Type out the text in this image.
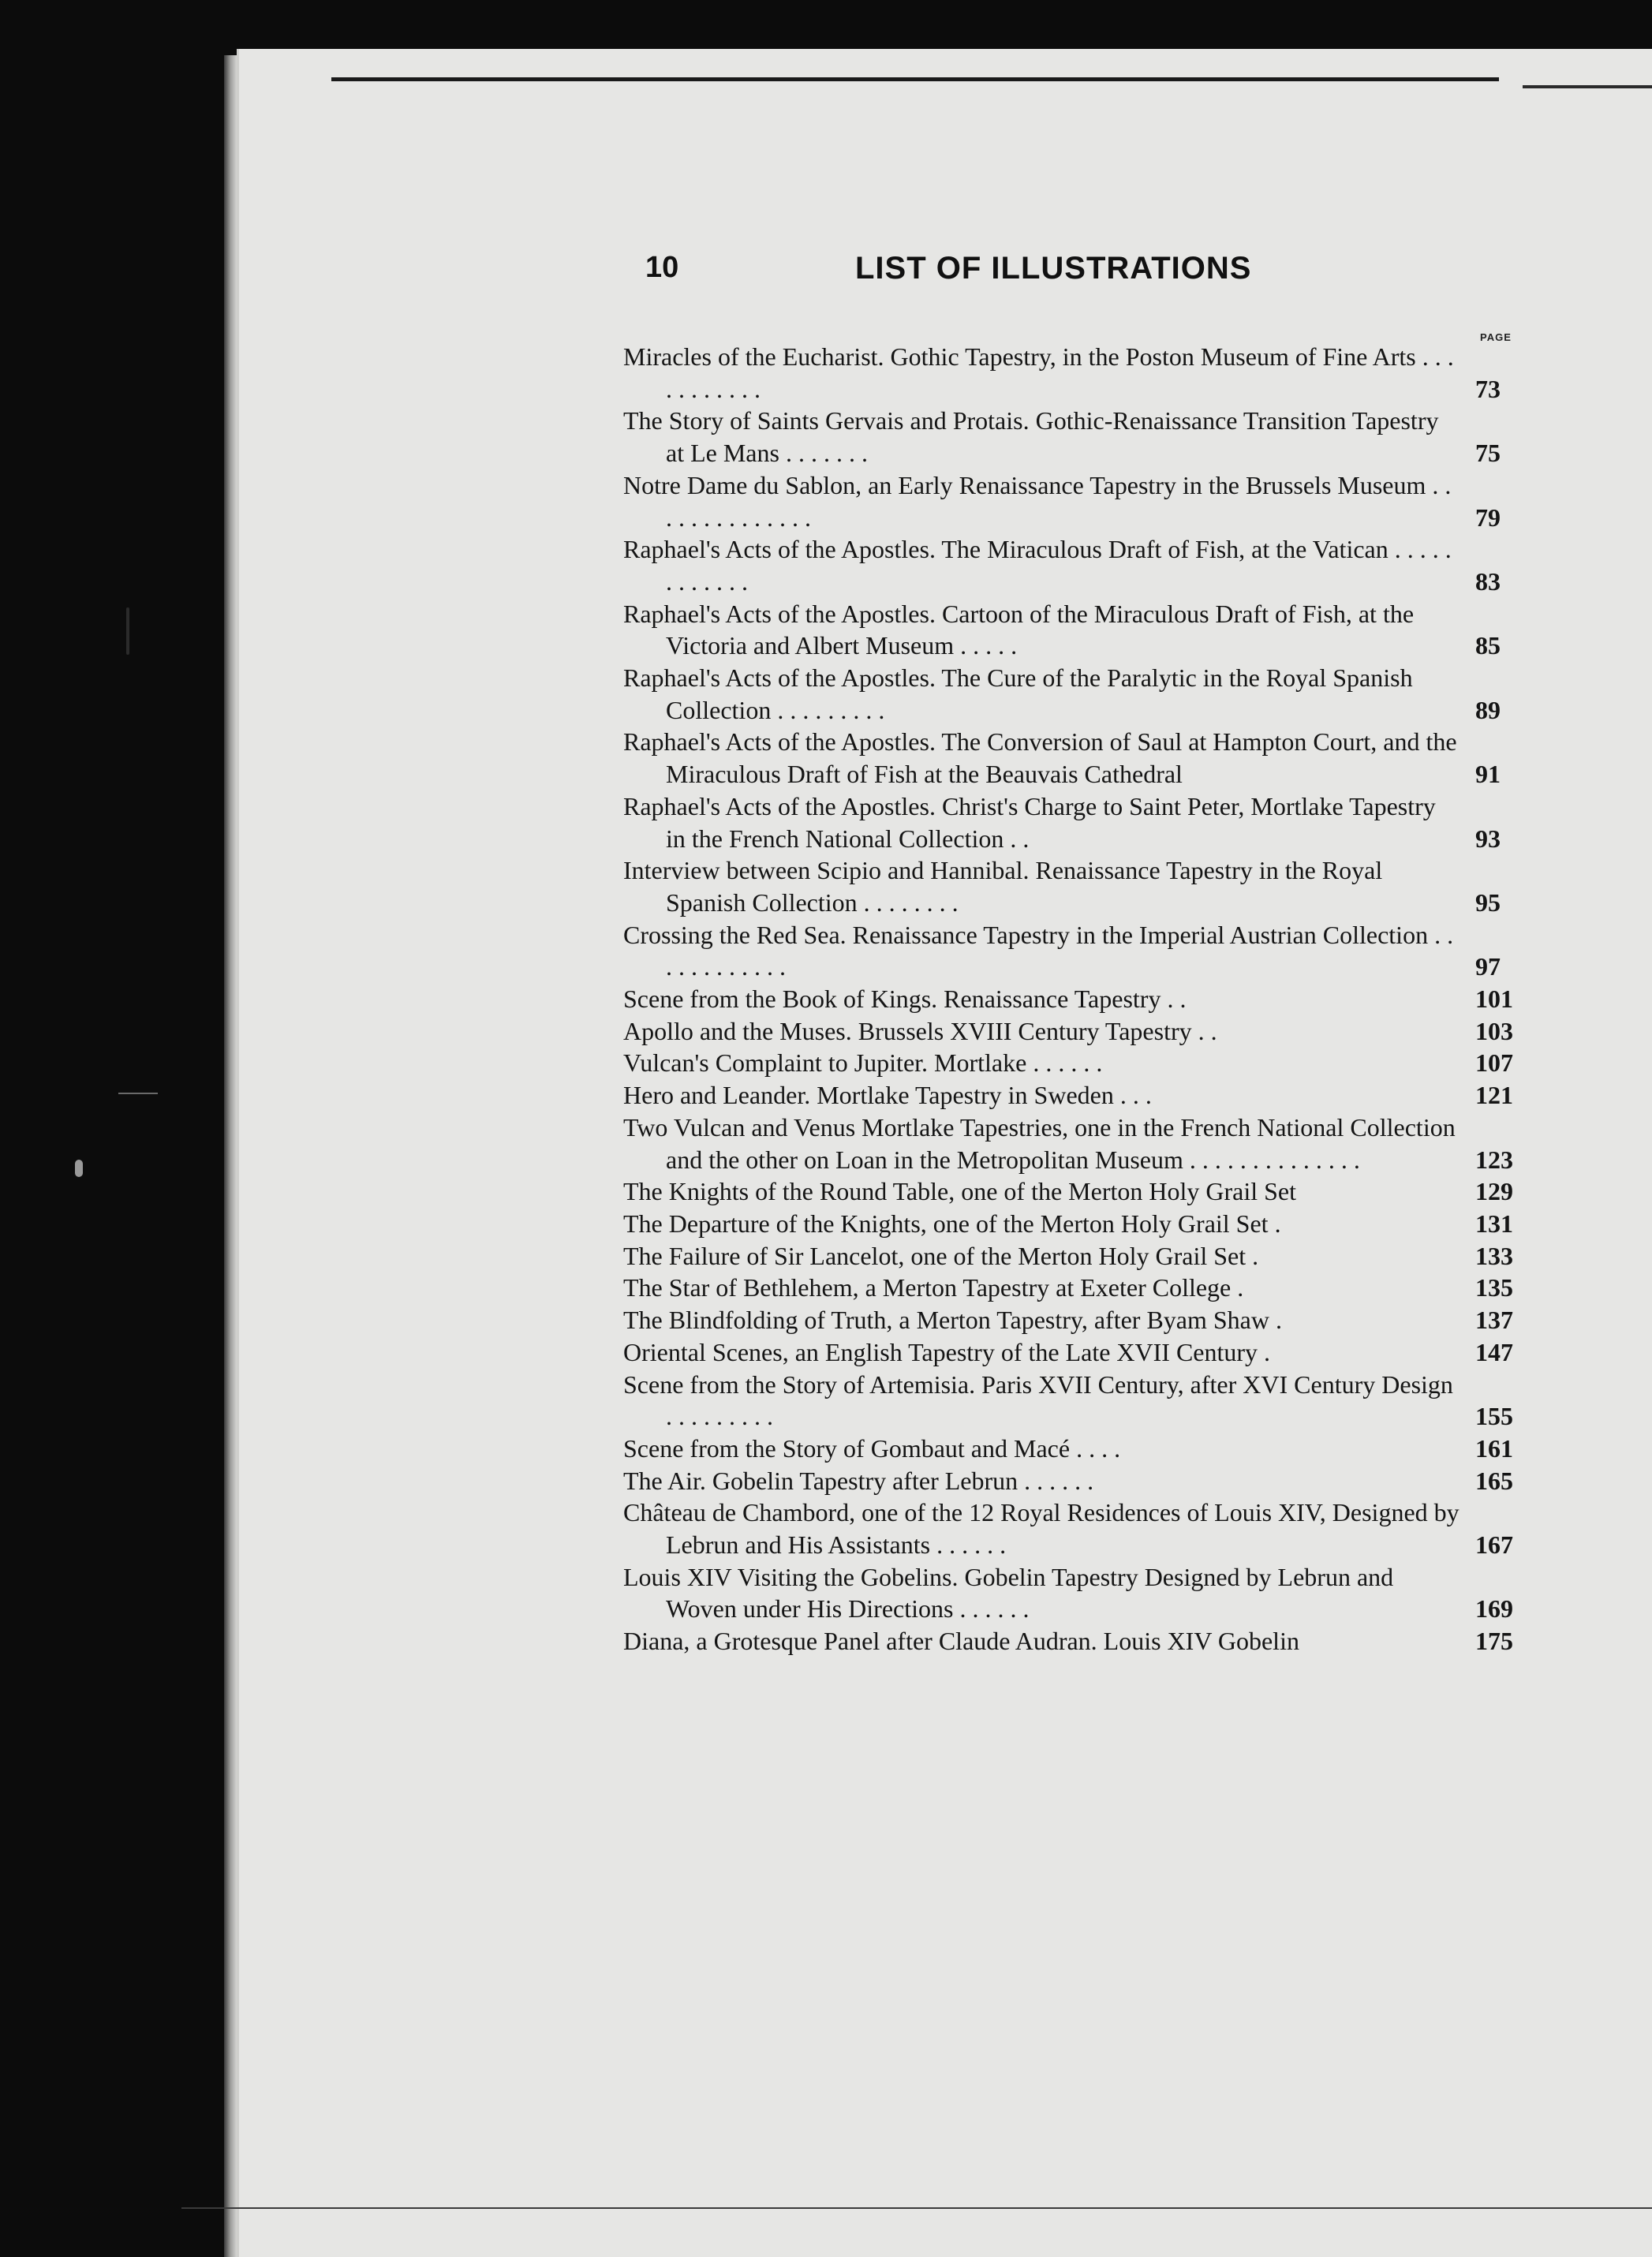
10	LIST OF ILLUSTRATIONS
PAGE
Miracles of the Eucharist. Gothic Tapestry, in the Poston Museum of Fine Arts . . . . . . . . . . .	73
The Story of Saints Gervais and Protais. Gothic-Renaissance Transition Tapestry at Le Mans . . . . . . .	75
Notre Dame du Sablon, an Early Renaissance Tapestry in the Brussels Museum . . . . . . . . . . . . . .	79
Raphael's Acts of the Apostles. The Miraculous Draft of Fish, at the Vatican . . . . . . . . . . . .	83
Raphael's Acts of the Apostles. Cartoon of the Miraculous Draft of Fish, at the Victoria and Albert Museum . . . . .	85
Raphael's Acts of the Apostles. The Cure of the Paralytic in the Royal Spanish Collection . . . . . . . . .	89
Raphael's Acts of the Apostles. The Conversion of Saul at Hampton Court, and the Miraculous Draft of Fish at the Beauvais Cathedral	91
Raphael's Acts of the Apostles. Christ's Charge to Saint Peter, Mortlake Tapestry in the French National Collection . .	93
Interview between Scipio and Hannibal. Renaissance Tapestry in the Royal Spanish Collection . . . . . . . .	95
Crossing the Red Sea. Renaissance Tapestry in the Imperial Austrian Collection . . . . . . . . . . . .	97
Scene from the Book of Kings. Renaissance Tapestry . .	101
Apollo and the Muses. Brussels XVIII Century Tapestry . .	103
Vulcan's Complaint to Jupiter. Mortlake . . . . . .	107
Hero and Leander. Mortlake Tapestry in Sweden . . .	121
Two Vulcan and Venus Mortlake Tapestries, one in the French National Collection and the other on Loan in the Metropolitan Museum . . . . . . . . . . . . . .	123
The Knights of the Round Table, one of the Merton Holy Grail Set	129
The Departure of the Knights, one of the Merton Holy Grail Set .	131
The Failure of Sir Lancelot, one of the Merton Holy Grail Set .	133
The Star of Bethlehem, a Merton Tapestry at Exeter College .	135
The Blindfolding of Truth, a Merton Tapestry, after Byam Shaw .	137
Oriental Scenes, an English Tapestry of the Late XVII Century .	147
Scene from the Story of Artemisia. Paris XVII Century, after XVI Century Design . . . . . . . . .	155
Scene from the Story of Gombaut and Macé . . . .	161
The Air. Gobelin Tapestry after Lebrun . . . . . .	165
Château de Chambord, one of the 12 Royal Residences of Louis XIV, Designed by Lebrun and His Assistants . . . . . .	167
Louis XIV Visiting the Gobelins. Gobelin Tapestry Designed by Lebrun and Woven under His Directions . . . . . .	169
Diana, a Grotesque Panel after Claude Audran. Louis XIV Gobelin	175
